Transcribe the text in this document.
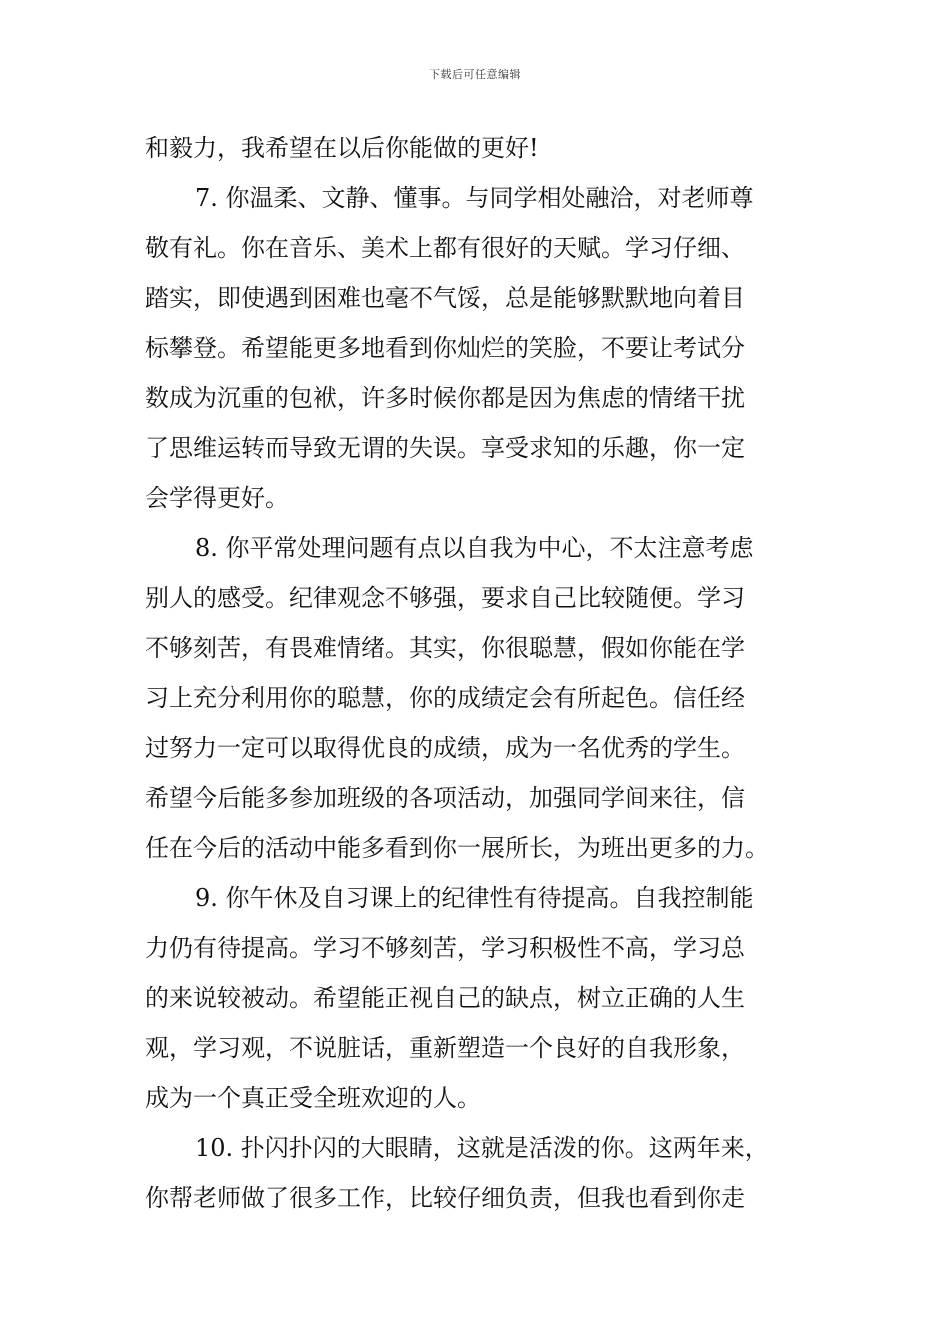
下载后可任意编辑
和毅力，我希望在以后你能做的更好!
7. 你温柔、文静、懂事。与同学相处融洽，对老师尊
敬有礼。你在音乐、美术上都有很好的天赋。学习仔细、
踏实，即使遇到困难也毫不气馁，总是能够默默地向着目
标攀登。希望能更多地看到你灿烂的笑脸，不要让考试分
数成为沉重的包袱，许多时候你都是因为焦虑的情绪干扰
了思维运转而导致无谓的失误。享受求知的乐趣，你一定
会学得更好。
8. 你平常处理问题有点以自我为中心，不太注意考虑
别人的感受。纪律观念不够强，要求自己比较随便。学习
不够刻苦，有畏难情绪。其实，你很聪慧，假如你能在学
习上充分利用你的聪慧，你的成绩定会有所起色。信任经
过努力一定可以取得优良的成绩，成为一名优秀的学生。
希望今后能多参加班级的各项活动，加强同学间来往，信
任在今后的活动中能多看到你一展所长，为班出更多的力。
9. 你午休及自习课上的纪律性有待提高。自我控制能
力仍有待提高。学习不够刻苦，学习积极性不高，学习总
的来说较被动。希望能正视自己的缺点，树立正确的人生
观，学习观，不说脏话，重新塑造一个良好的自我形象，
成为一个真正受全班欢迎的人。
10. 扑闪扑闪的大眼睛，这就是活泼的你。这两年来，
你帮老师做了很多工作，比较仔细负责，但我也看到你走
